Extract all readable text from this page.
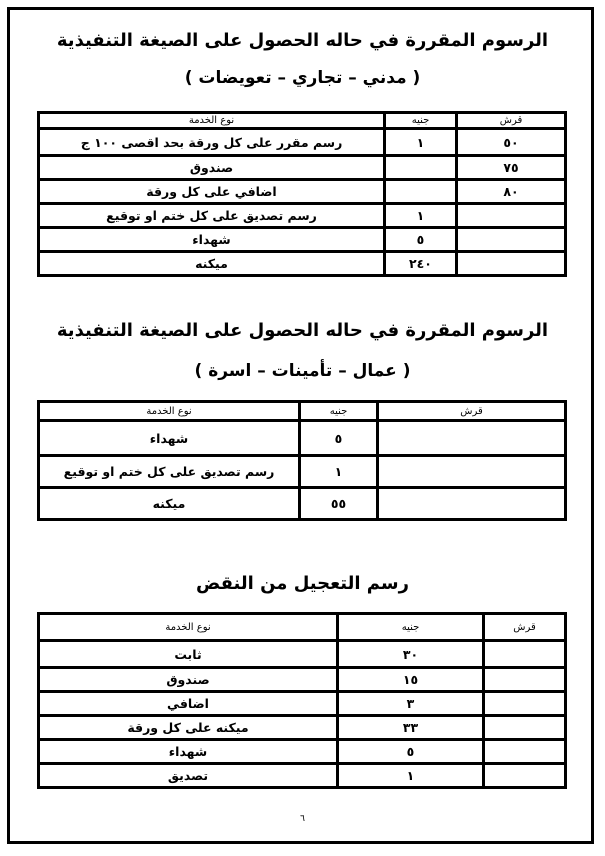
الرسوم المقررة في حاله الحصول على الصيغة التنفيذية
( مدني – تجاري – تعويضات )
قرش	جنيه	نوع الخدمة
٥٠	١	رسم مقرر على كل ورقة بحد اقصى ١٠٠ ج
٧٥		صندوق
٨٠		اضافي على كل ورقة
	١	رسم تصديق على كل ختم او توقيع
	٥	شهداء
	٢٤٠	ميكنه
الرسوم المقررة في حاله الحصول على الصيغة التنفيذية
( عمال – تأمينات – اسرة )
قرش	جنيه	نوع الخدمة
	٥	شهداء
	١	رسم تصديق على كل ختم او توقيع
	٥٥	ميكنه
رسم التعجيل من النقض
قرش	جنيه	نوع الخدمة
	٣٠	ثابت
	١٥	صندوق
	٣	اضافي
	٣٣	ميكنه على كل ورقة
	٥	شهداء
	١	تصديق
٦
